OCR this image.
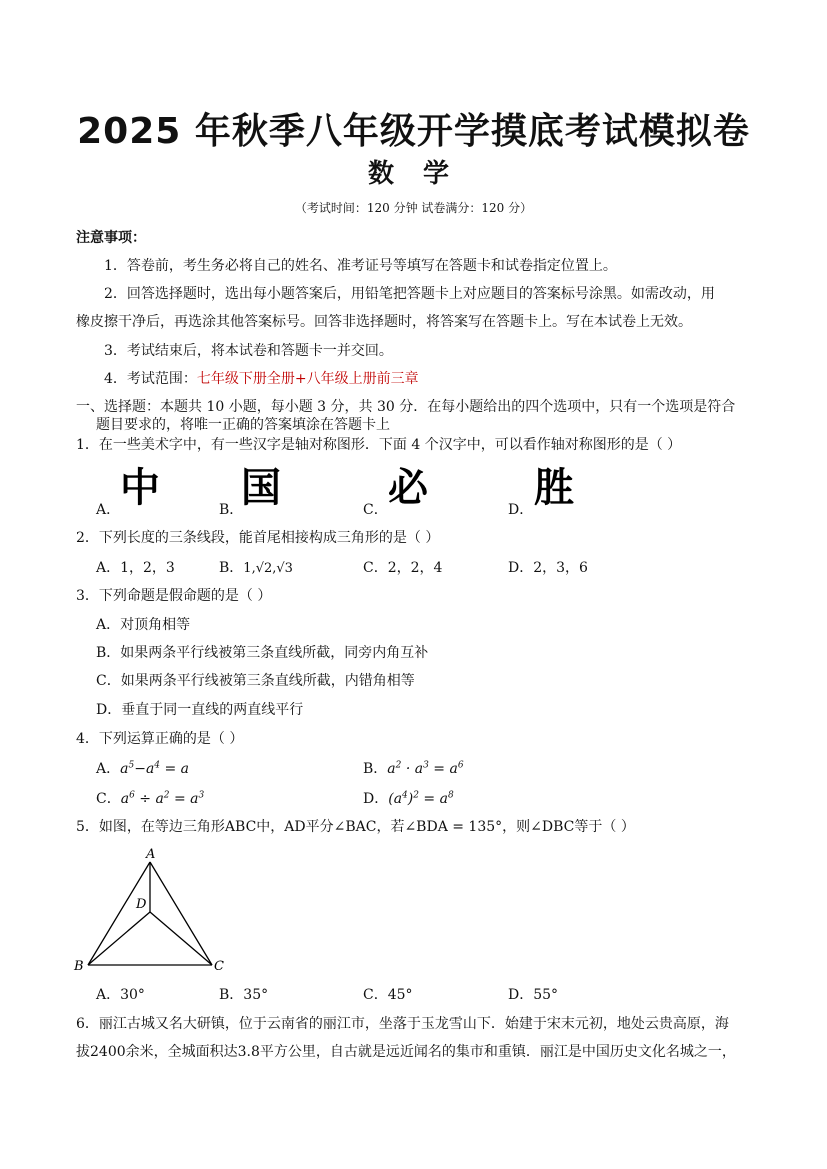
2025 年秋季八年级开学摸底考试模拟卷
数 学
（考试时间：120 分钟 试卷满分：120 分）
注意事项：
1．答卷前，考生务必将自己的姓名、准考证号等填写在答题卡和试卷指定位置上。
2．回答选择题时，选出每小题答案后，用铅笔把答题卡上对应题目的答案标号涂黑。如需改动，用
橡皮擦干净后，再选涂其他答案标号。回答非选择题时，将答案写在答题卡上。写在本试卷上无效。
3．考试结束后，将本试卷和答题卡一并交回。
4．考试范围：七年级下册全册+八年级上册前三章
一、选择题：本题共 10 小题，每小题 3 分，共 30 分．在每小题给出的四个选项中，只有一个选项是符合
题目要求的，将唯一正确的答案填涂在答题卡上
1．在一些美术字中，有一些汉字是轴对称图形．下面 4 个汉字中，可以看作轴对称图形的是（ ）
A． 中	B．
国	C． 必	D． 胜
2．下列长度的三条线段，能首尾相接构成三角形的是（ ）
A．1，2，3	B．1,√2,√3	C．2，2，4	D．2，3，6
3．下列命题是假命题的是（ ）
A．对顶角相等
B．如果两条平行线被第三条直线所截，同旁内角互补
C．如果两条平行线被第三条直线所截，内错角相等
D．垂直于同一直线的两直线平行
4．下列运算正确的是（ ）
A．$a^5-a^4 = a$	B．$a^2 \cdot a^3 = a^6$
C．$a^6 \div a^2 = a^3$	D．$(a^4)^2 = a^8$
5．如图，在等边三角形ABC中，AD平分∠BAC，若∠BDA = 135°，则∠DBC等于（ ）
A
D
B	C
A．30°	B．35°	C．45°	D．55°
6．丽江古城又名大研镇，位于云南省的丽江市，坐落于玉龙雪山下．始建于宋末元初，地处云贵高原，海
拔2400余米，全城面积达3.8平方公里，自古就是远近闻名的集市和重镇．丽江是中国历史文化名城之一，
